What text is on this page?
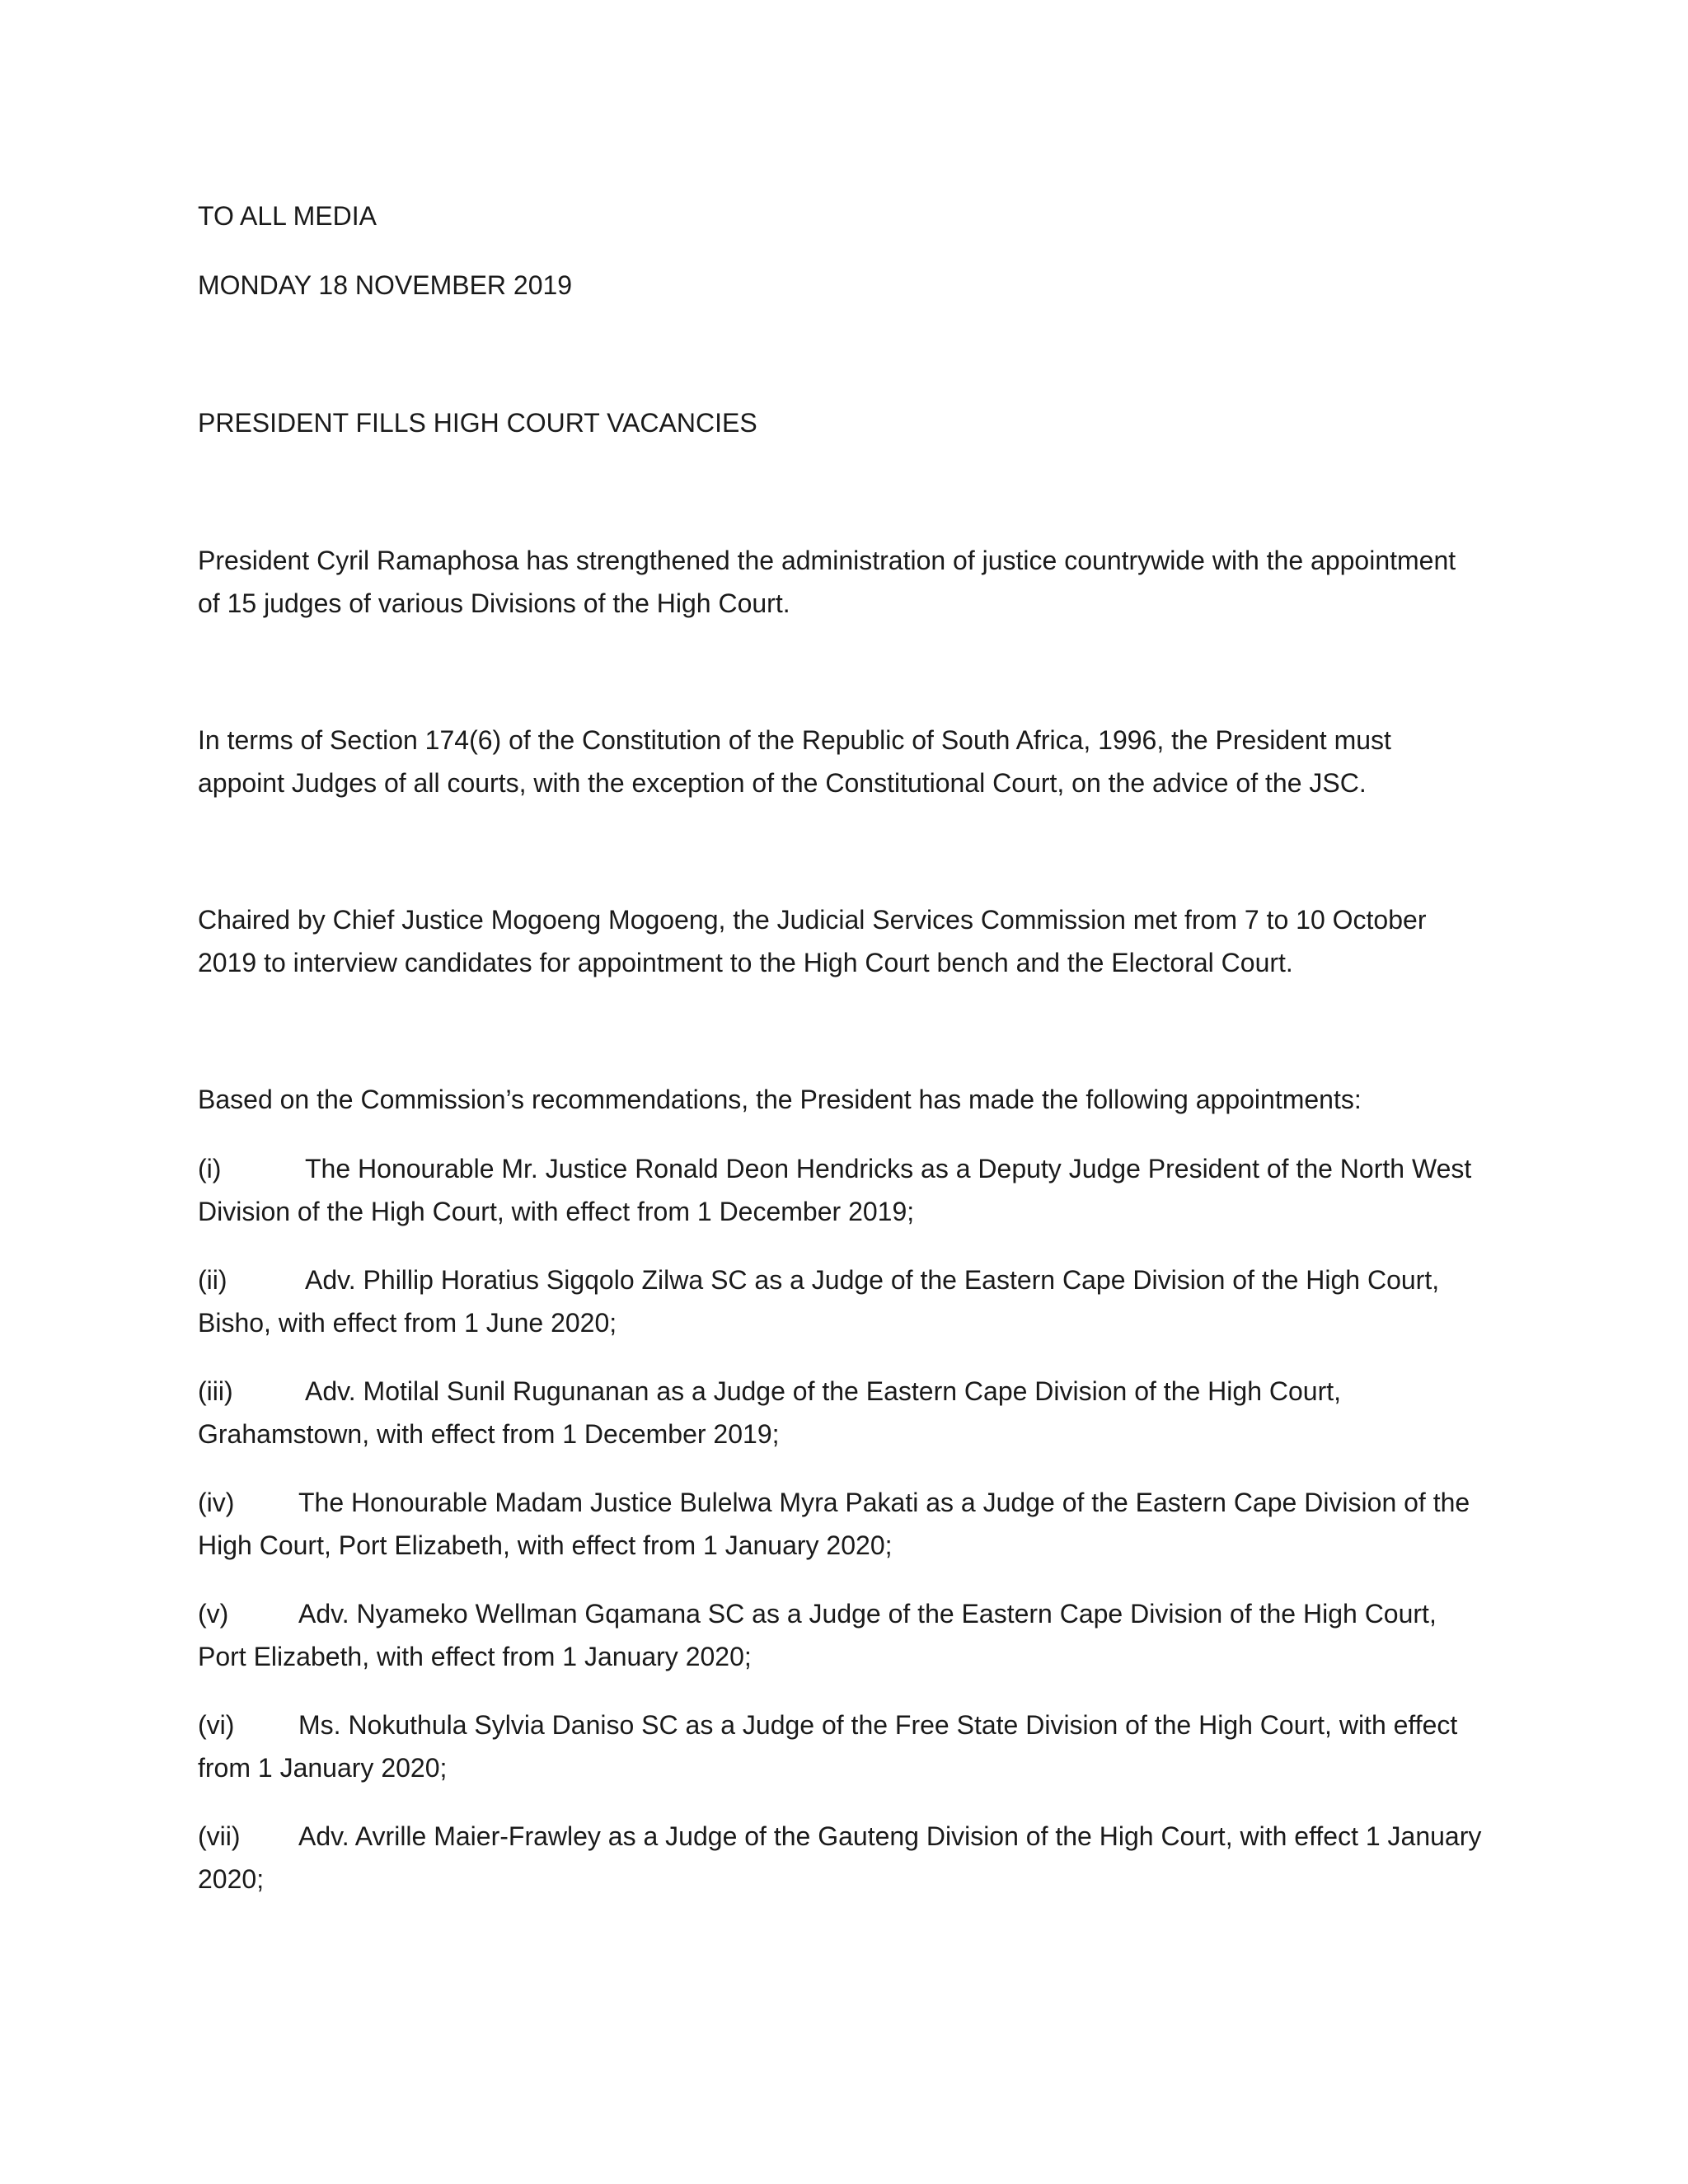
TO ALL MEDIA

MONDAY 18 NOVEMBER 2019

PRESIDENT FILLS HIGH COURT VACANCIES

President Cyril Ramaphosa has strengthened the administration of justice countrywide with the appointment of 15 judges of various Divisions of the High Court.

In terms of Section 174(6) of the Constitution of the Republic of South Africa, 1996, the President must appoint Judges of all courts, with the exception of the Constitutional Court, on the advice of the JSC.

Chaired by Chief Justice Mogoeng Mogoeng, the Judicial Services Commission met from 7 to 10 October 2019 to interview candidates for appointment to the High Court bench and the Electoral Court.

Based on the Commission’s recommendations, the President has made the following appointments:

(i)	The Honourable Mr. Justice Ronald Deon Hendricks as a Deputy Judge President of the North West Division of the High Court, with effect from 1 December 2019;

(ii)	Adv. Phillip Horatius Sigqolo Zilwa SC as a Judge of the Eastern Cape Division of the High Court, Bisho, with effect from 1 June 2020;

(iii)	Adv. Motilal Sunil Rugunanan as a Judge of the Eastern Cape Division of the High Court, Grahamstown, with effect from 1 December 2019;

(iv) The Honourable Madam Justice Bulelwa Myra Pakati as a Judge of the Eastern Cape Division of the High Court, Port Elizabeth, with effect from 1 January 2020;

(v)	Adv. Nyameko Wellman Gqamana SC as a Judge of the Eastern Cape Division of the High Court, Port Elizabeth, with effect from 1 January 2020;

(vi) Ms. Nokuthula Sylvia Daniso SC as a Judge of the Free State Division of the High Court, with effect from 1 January 2020;

(vii) Adv. Avrille Maier-Frawley as a Judge of the Gauteng Division of the High Court, with effect 1 January 2020;
